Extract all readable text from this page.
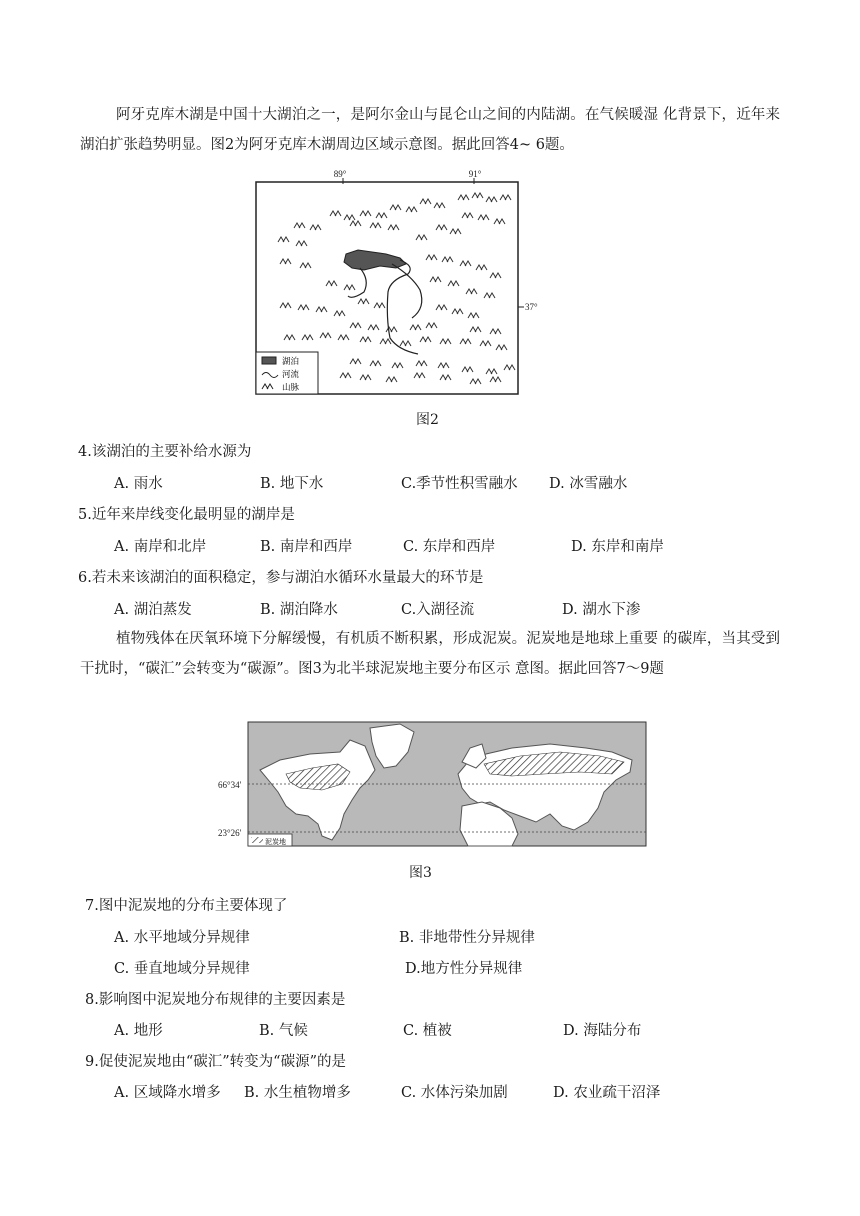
阿牙克库木湖是中国十大湖泊之一，是阿尔金山与昆仑山之间的内陆湖。在气候暖湿 化背景下，近年来湖泊扩张趋势明显。图2为阿牙克库木湖周边区域示意图。据此回答4~ 6题。
89°	91°
37°
湖泊
河流
山脉
图2
4.该湖泊的主要补给水源为
A. 雨水	B. 地下水	C.季节性积雪融水 D. 冰雪融水
5.近年来岸线变化最明显的湖岸是
A. 南岸和北岸	B. 南岸和西岸	C. 东岸和西岸	D. 东岸和南岸
6.若未来该湖泊的面积稳定，参与湖泊水循环水量最大的环节是
A. 湖泊蒸发	B. 湖泊降水	C.入湖径流	D. 湖水下渗
植物残体在厌氧环境下分解缓慢，有机质不断积累，形成泥炭。泥炭地是地球上重要 的碳库，当其受到干扰时，“碳汇”会转变为“碳源”。图3为北半球泥炭地主要分布区示 意图。据此回答7～9题
66°34'
23°26'
泥炭地
图3
7.图中泥炭地的分布主要体现了
A. 水平地域分异规律	B. 非地带性分异规律
C. 垂直地域分异规律	D.地方性分异规律
8.影响图中泥炭地分布规律的主要因素是
A. 地形	B. 气候	C. 植被	D. 海陆分布
9.促使泥炭地由“碳汇”转变为“碳源”的是
A. 区域降水增多 B. 水生植物增多	C. 水体污染加剧	D. 农业疏干沼泽
